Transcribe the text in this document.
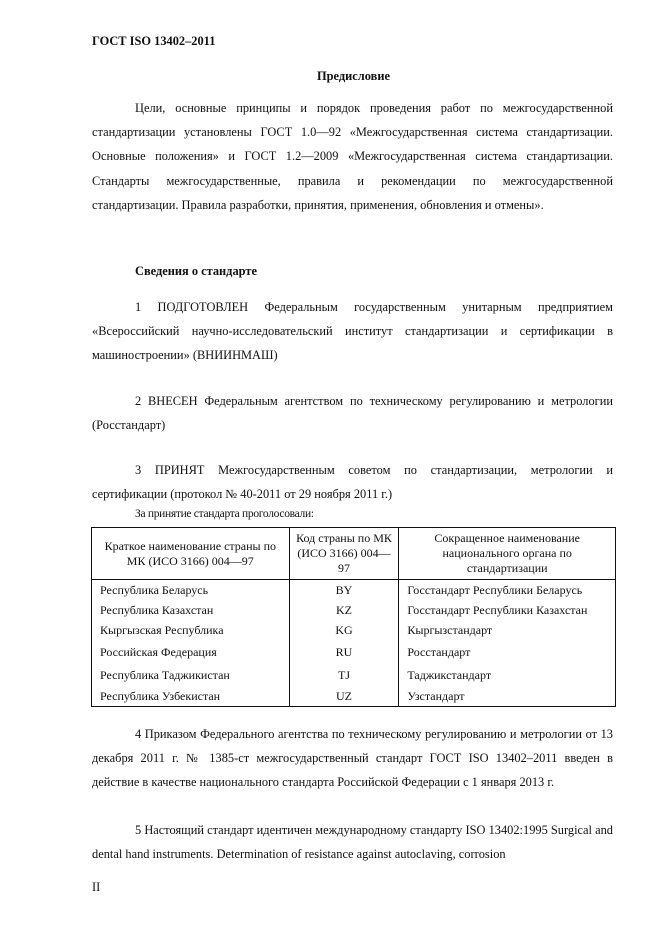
ГОСТ ISO 13402–2011
Предисловие
Цели, основные принципы и порядок проведения работ по межгосударственной стандартизации установлены ГОСТ 1.0—92 «Межгосударственная система стандартизации. Основные положения» и ГОСТ 1.2—2009 «Межгосударственная система стандартизации. Стандарты межгосударственные, правила и рекомендации по межгосударственной стандартизации. Правила разработки, принятия, применения, обновления и отмены».
Сведения о стандарте
1 ПОДГОТОВЛЕН Федеральным государственным унитарным предприятием «Всероссийский научно-исследовательский институт стандартизации и сертификации в машиностроении» (ВНИИНМАШ)
2 ВНЕСЕН Федеральным агентством по техническому регулированию и метрологии (Росстандарт)
3 ПРИНЯТ Межгосударственным советом по стандартизации, метрологии и сертификации (протокол № 40-2011 от 29 ноября 2011 г.)
За принятие стандарта проголосовали:
Краткое наименование страны по МК (ИСО 3166) 004—97	Код страны по МК (ИСО 3166) 004—97	Сокращенное наименование национального органа по стандартизации
Республика Беларусь	BY	Госстандарт Республики Беларусь
Республика Казахстан	KZ	Госстандарт Республики Казахстан
Кыргызская Республика	KG	Кыргызстандарт
Российская Федерация	RU	Росстандарт
Республика Таджикистан	TJ	Таджикстандарт
Республика Узбекистан	UZ	Узстандарт
4 Приказом Федерального агентства по техническому регулированию и метрологии от 13 декабря 2011 г. № 1385-ст межгосударственный стандарт ГОСТ ISO 13402–2011 введен в действие в качестве национального стандарта Российской Федерации с 1 января 2013 г.
5 Настоящий стандарт идентичен международному стандарту ISO 13402:1995 Surgical and dental hand instruments. Determination of resistance against autoclaving, corrosion
II
